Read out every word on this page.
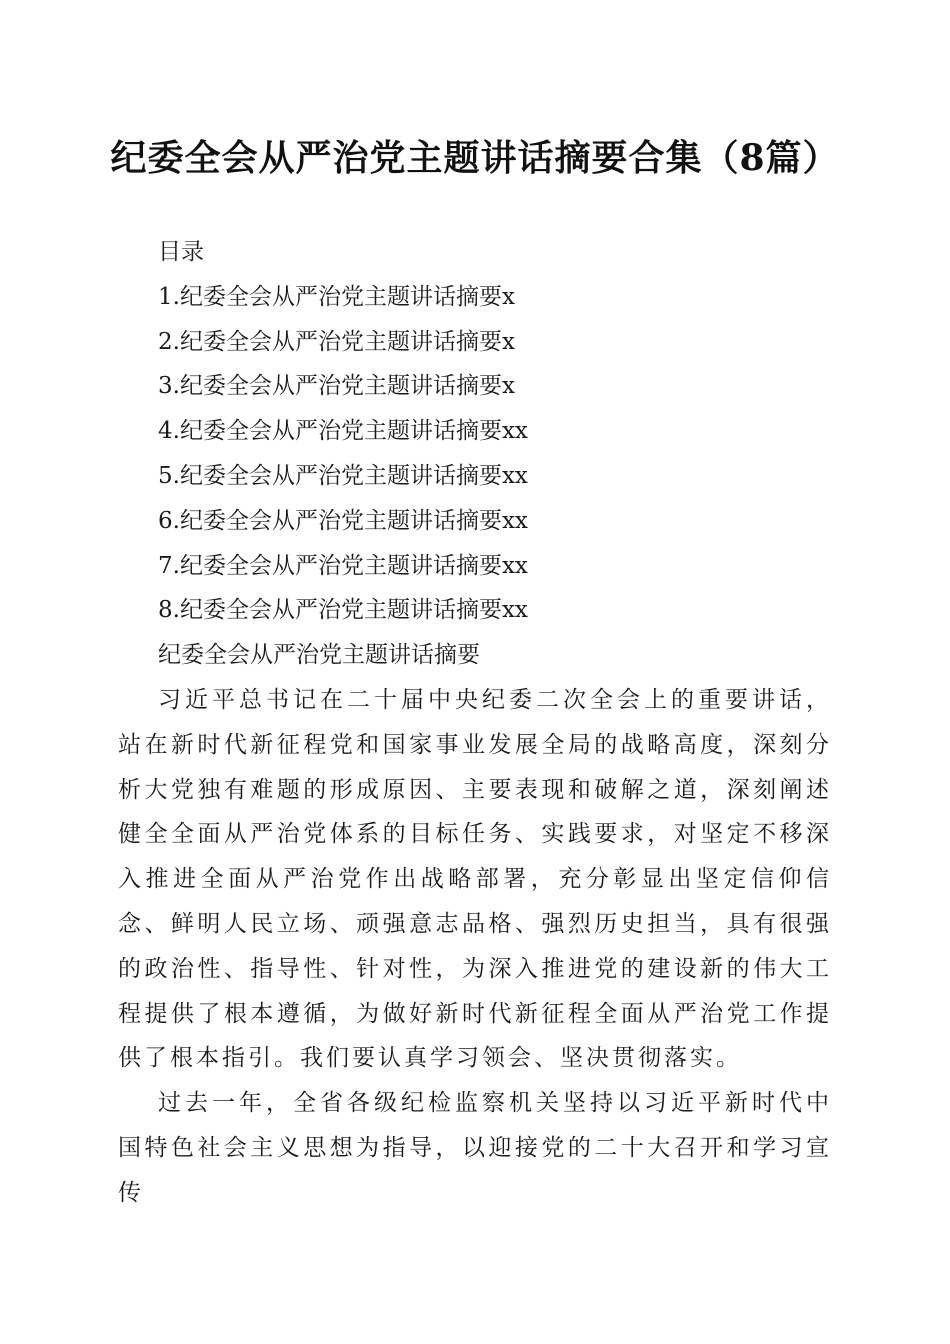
纪委全会从严治党主题讲话摘要合集（8篇）

目录

1.纪委全会从严治党主题讲话摘要x

2.纪委全会从严治党主题讲话摘要x

3.纪委全会从严治党主题讲话摘要x

4.纪委全会从严治党主题讲话摘要xx

5.纪委全会从严治党主题讲话摘要xx

6.纪委全会从严治党主题讲话摘要xx

7.纪委全会从严治党主题讲话摘要xx

8.纪委全会从严治党主题讲话摘要xx

纪委全会从严治党主题讲话摘要

习近平总书记在二十届中央纪委二次全会上的重要讲话，站在新时代新征程党和国家事业发展全局的战略高度，深刻分析大党独有难题的形成原因、主要表现和破解之道，深刻阐述健全全面从严治党体系的目标任务、实践要求，对坚定不移深入推进全面从严治党作出战略部署，充分彰显出坚定信仰信念、鲜明人民立场、顽强意志品格、强烈历史担当，具有很强的政治性、指导性、针对性，为深入推进党的建设新的伟大工程提供了根本遵循，为做好新时代新征程全面从严治党工作提供了根本指引。我们要认真学习领会、坚决贯彻落实。

过去一年，全省各级纪检监察机关坚持以习近平新时代中国特色社会主义思想为指导，以迎接党的二十大召开和学习宣传
